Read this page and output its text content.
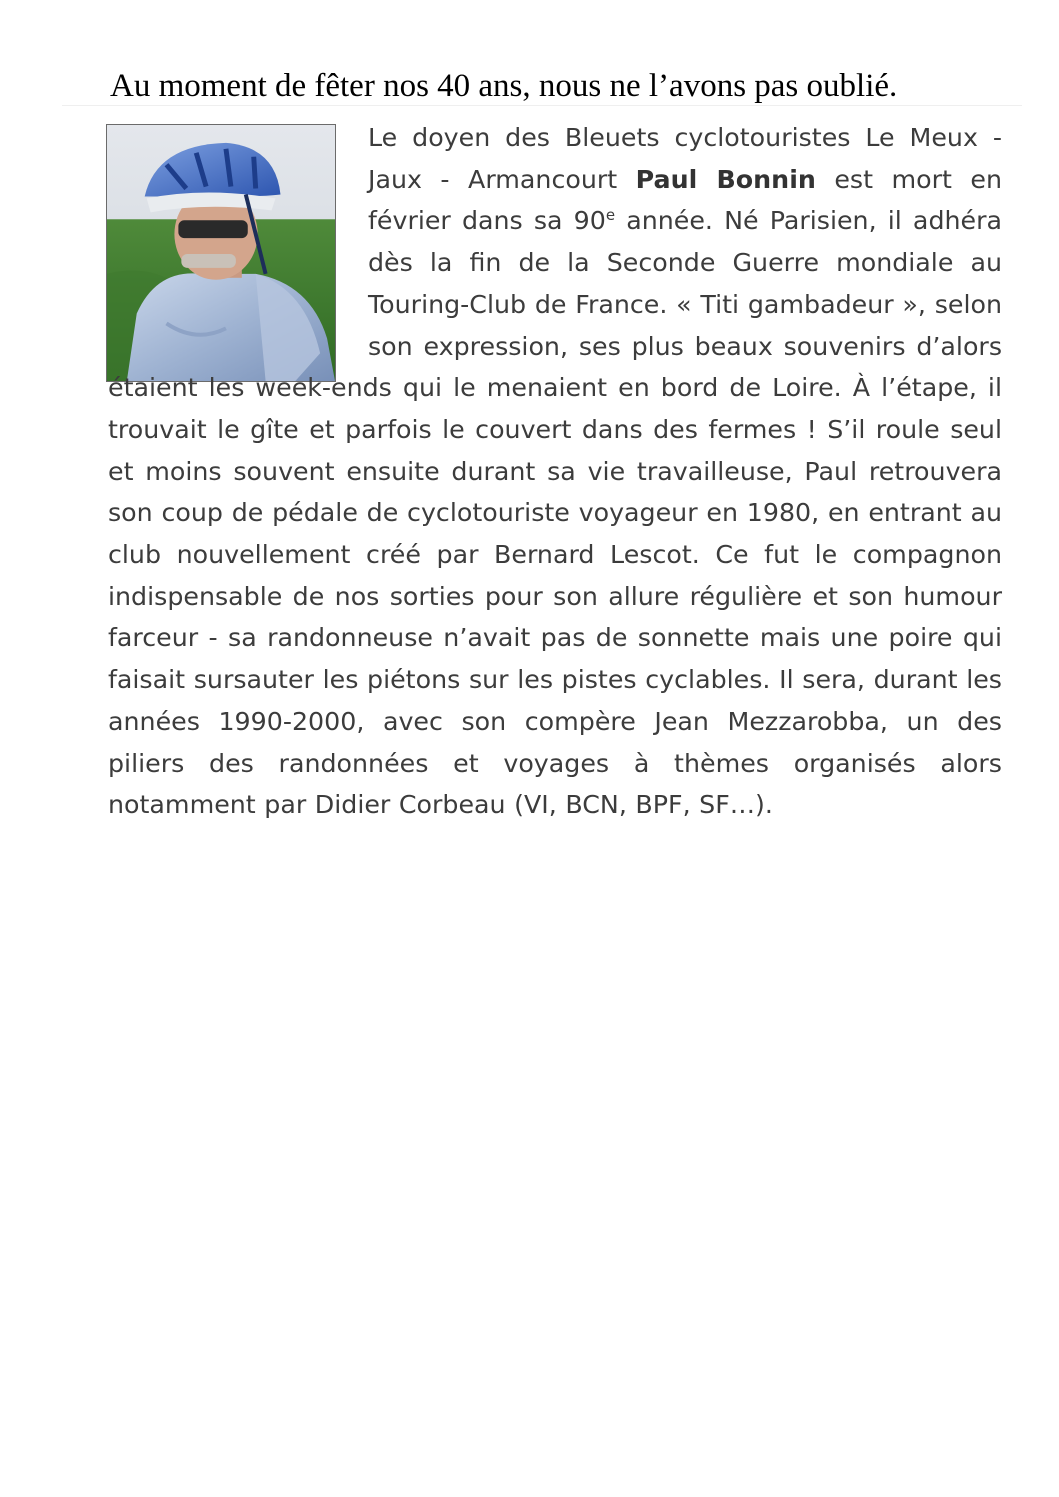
Au moment de fêter nos 40 ans, nous ne l’avons pas oublié.
Le doyen des Bleuets cyclotouristes Le Meux - Jaux - Armancourt Paul Bonnin est mort en février dans sa 90e année. Né Parisien, il adhéra dès la fin de la Seconde Guerre mondiale au Touring-Club de France. « Titi gambadeur », selon son expression, ses plus beaux souvenirs d’alors étaient les week-ends qui le menaient en bord de Loire. À l’étape, il trouvait le gîte et parfois le couvert dans des fermes ! S’il roule seul et moins souvent ensuite durant sa vie travailleuse, Paul retrouvera son coup de pédale de cyclotouriste voyageur en 1980, en entrant au club nouvellement créé par Bernard Lescot. Ce fut le compagnon indispensable de nos sorties pour son allure régulière et son humour farceur - sa randonneuse n’avait pas de sonnette mais une poire qui faisait sursauter les piétons sur les pistes cyclables. Il sera, durant les années 1990-2000, avec son compère Jean Mezzarobba, un des piliers des randonnées et voyages à thèmes organisés alors notamment par Didier Corbeau (VI, BCN, BPF, SF…).
